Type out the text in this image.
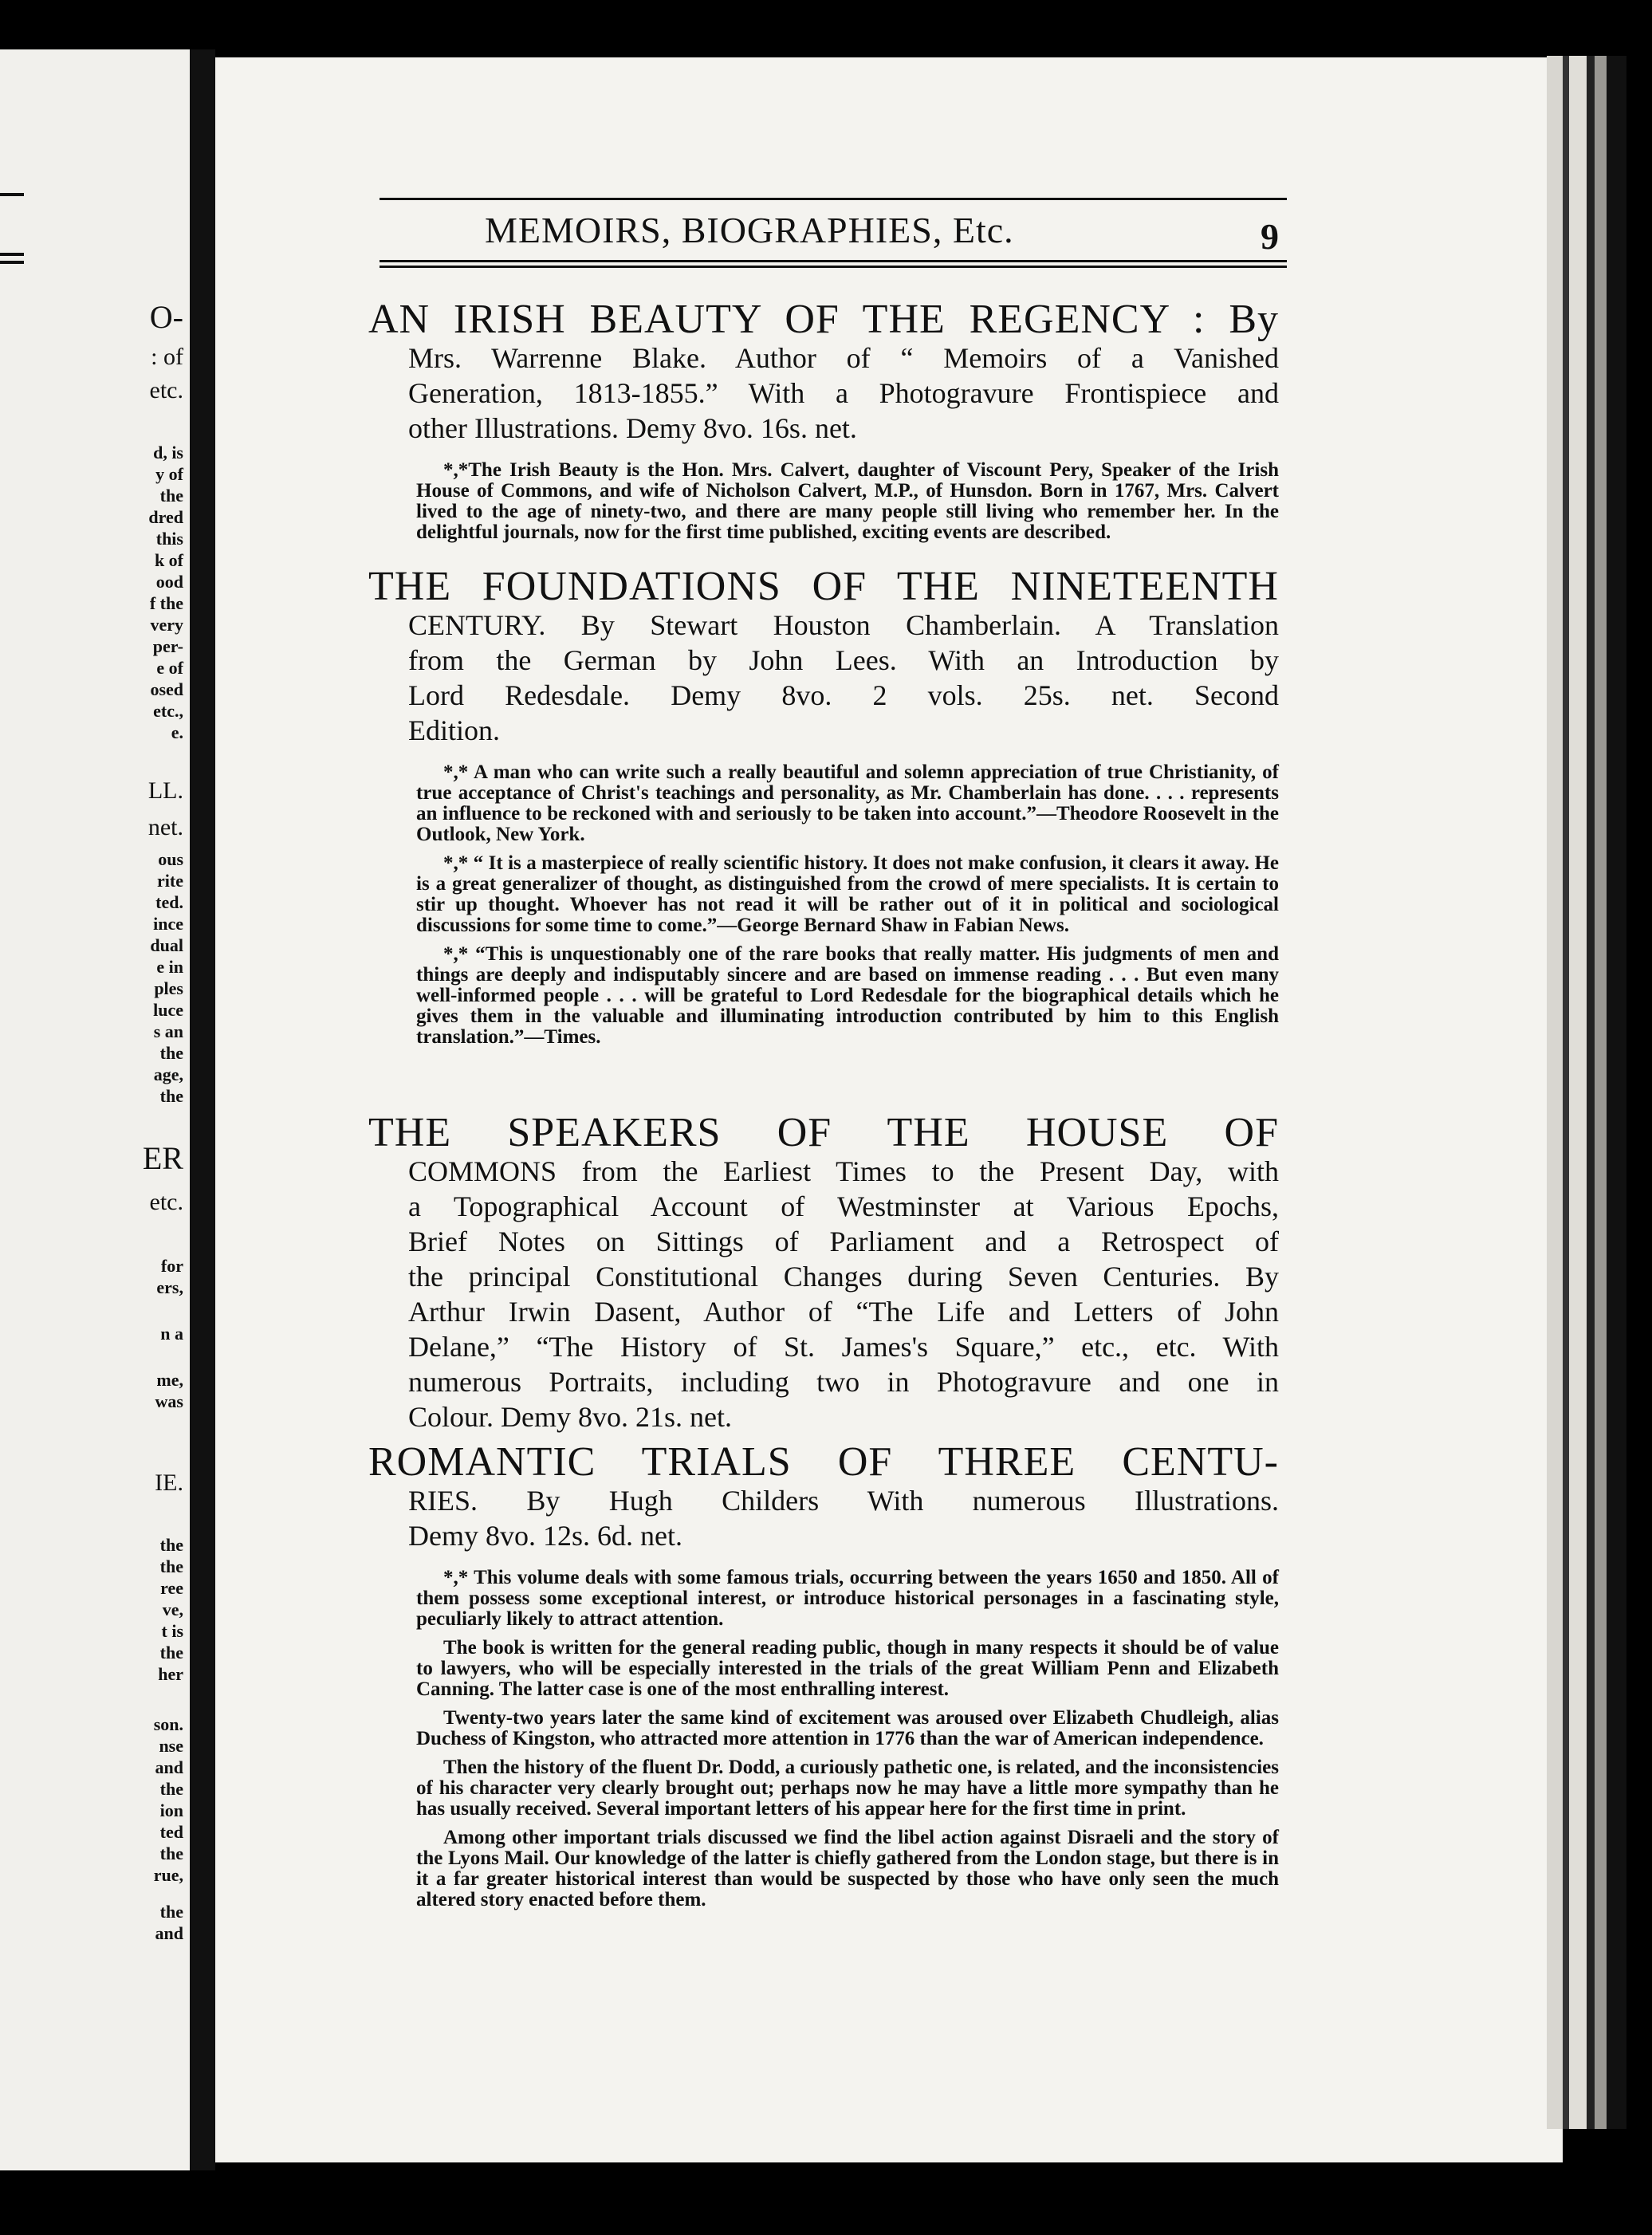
O-
: of
etc.
d, is
y of
the
dred
this
k of
ood
f the
very
per-
e of
osed
etc.,
e.
LL.
net.
ous
rite
ted.
ince
dual
e in
ples
luce
s an
the
age,
the
ER
etc.
for
ers,
n a
me,
was
IE.
the
the
ree
ve,
t is
the
her
son.
nse
and
the
ion
ted
the
rue,
the
and
MEMOIRS, BIOGRAPHIES, Etc.	9
AN IRISH BEAUTY OF THE REGENCY : By
Mrs. Warrenne Blake. Author of “ Memoirs of a Vanished
Generation, 1813-1855.” With a Photogravure Frontispiece and
other Illustrations. Demy 8vo. 16s. net.

*,*The Irish Beauty is the Hon. Mrs. Calvert, daughter of Viscount Pery, Speaker of the Irish House of Commons, and wife of Nicholson Calvert, M.P., of Hunsdon. Born in 1767, Mrs. Calvert lived to the age of ninety-two, and there are many people still living who remember her. In the delightful journals, now for the first time published, exciting events are described.

THE FOUNDATIONS OF THE NINETEENTH
CENTURY. By Stewart Houston Chamberlain. A Translation
from the German by John Lees. With an Introduction by
Lord Redesdale. Demy 8vo. 2 vols. 25s. net. Second
Edition.

*,* A man who can write such a really beautiful and solemn appreciation of true Christianity, of true acceptance of Christ's teachings and personality, as Mr. Chamberlain has done. . . . represents an influence to be reckoned with and seriously to be taken into account.”—Theodore Roosevelt in the Outlook, New York.

*,* “ It is a masterpiece of really scientific history. It does not make confusion, it clears it away. He is a great generalizer of thought, as distinguished from the crowd of mere specialists. It is certain to stir up thought. Whoever has not read it will be rather out of it in political and sociological discussions for some time to come.”—George Bernard Shaw in Fabian News.

*,* “This is unquestionably one of the rare books that really matter. His judgments of men and things are deeply and indisputably sincere and are based on immense reading . . . But even many well-informed people . . . will be grateful to Lord Redesdale for the biographical details which he gives them in the valuable and illuminating introduction contributed by him to this English translation.”—Times.

THE SPEAKERS OF THE HOUSE OF
COMMONS from the Earliest Times to the Present Day, with
a Topographical Account of Westminster at Various Epochs,
Brief Notes on Sittings of Parliament and a Retrospect of
the principal Constitutional Changes during Seven Centuries. By
Arthur Irwin Dasent, Author of “The Life and Letters of John
Delane,” “The History of St. James's Square,” etc., etc. With
numerous Portraits, including two in Photogravure and one in
Colour. Demy 8vo. 21s. net.
ROMANTIC TRIALS OF THREE CENTU-
RIES. By Hugh Childers With numerous Illustrations.
Demy 8vo. 12s. 6d. net.

*,* This volume deals with some famous trials, occurring between the years 1650 and 1850. All of them possess some exceptional interest, or introduce historical personages in a fascinating style, peculiarly likely to attract attention.

The book is written for the general reading public, though in many respects it should be of value to lawyers, who will be especially interested in the trials of the great William Penn and Elizabeth Canning. The latter case is one of the most enthralling interest.

Twenty-two years later the same kind of excitement was aroused over Elizabeth Chudleigh, alias Duchess of Kingston, who attracted more attention in 1776 than the war of American independence.

Then the history of the fluent Dr. Dodd, a curiously pathetic one, is related, and the inconsistencies of his character very clearly brought out; perhaps now he may have a little more sympathy than he has usually received. Several important letters of his appear here for the first time in print.

Among other important trials discussed we find the libel action against Disraeli and the story of the Lyons Mail. Our knowledge of the latter is chiefly gathered from the London stage, but there is in it a far greater historical interest than would be suspected by those who have only seen the much altered story enacted before them.
